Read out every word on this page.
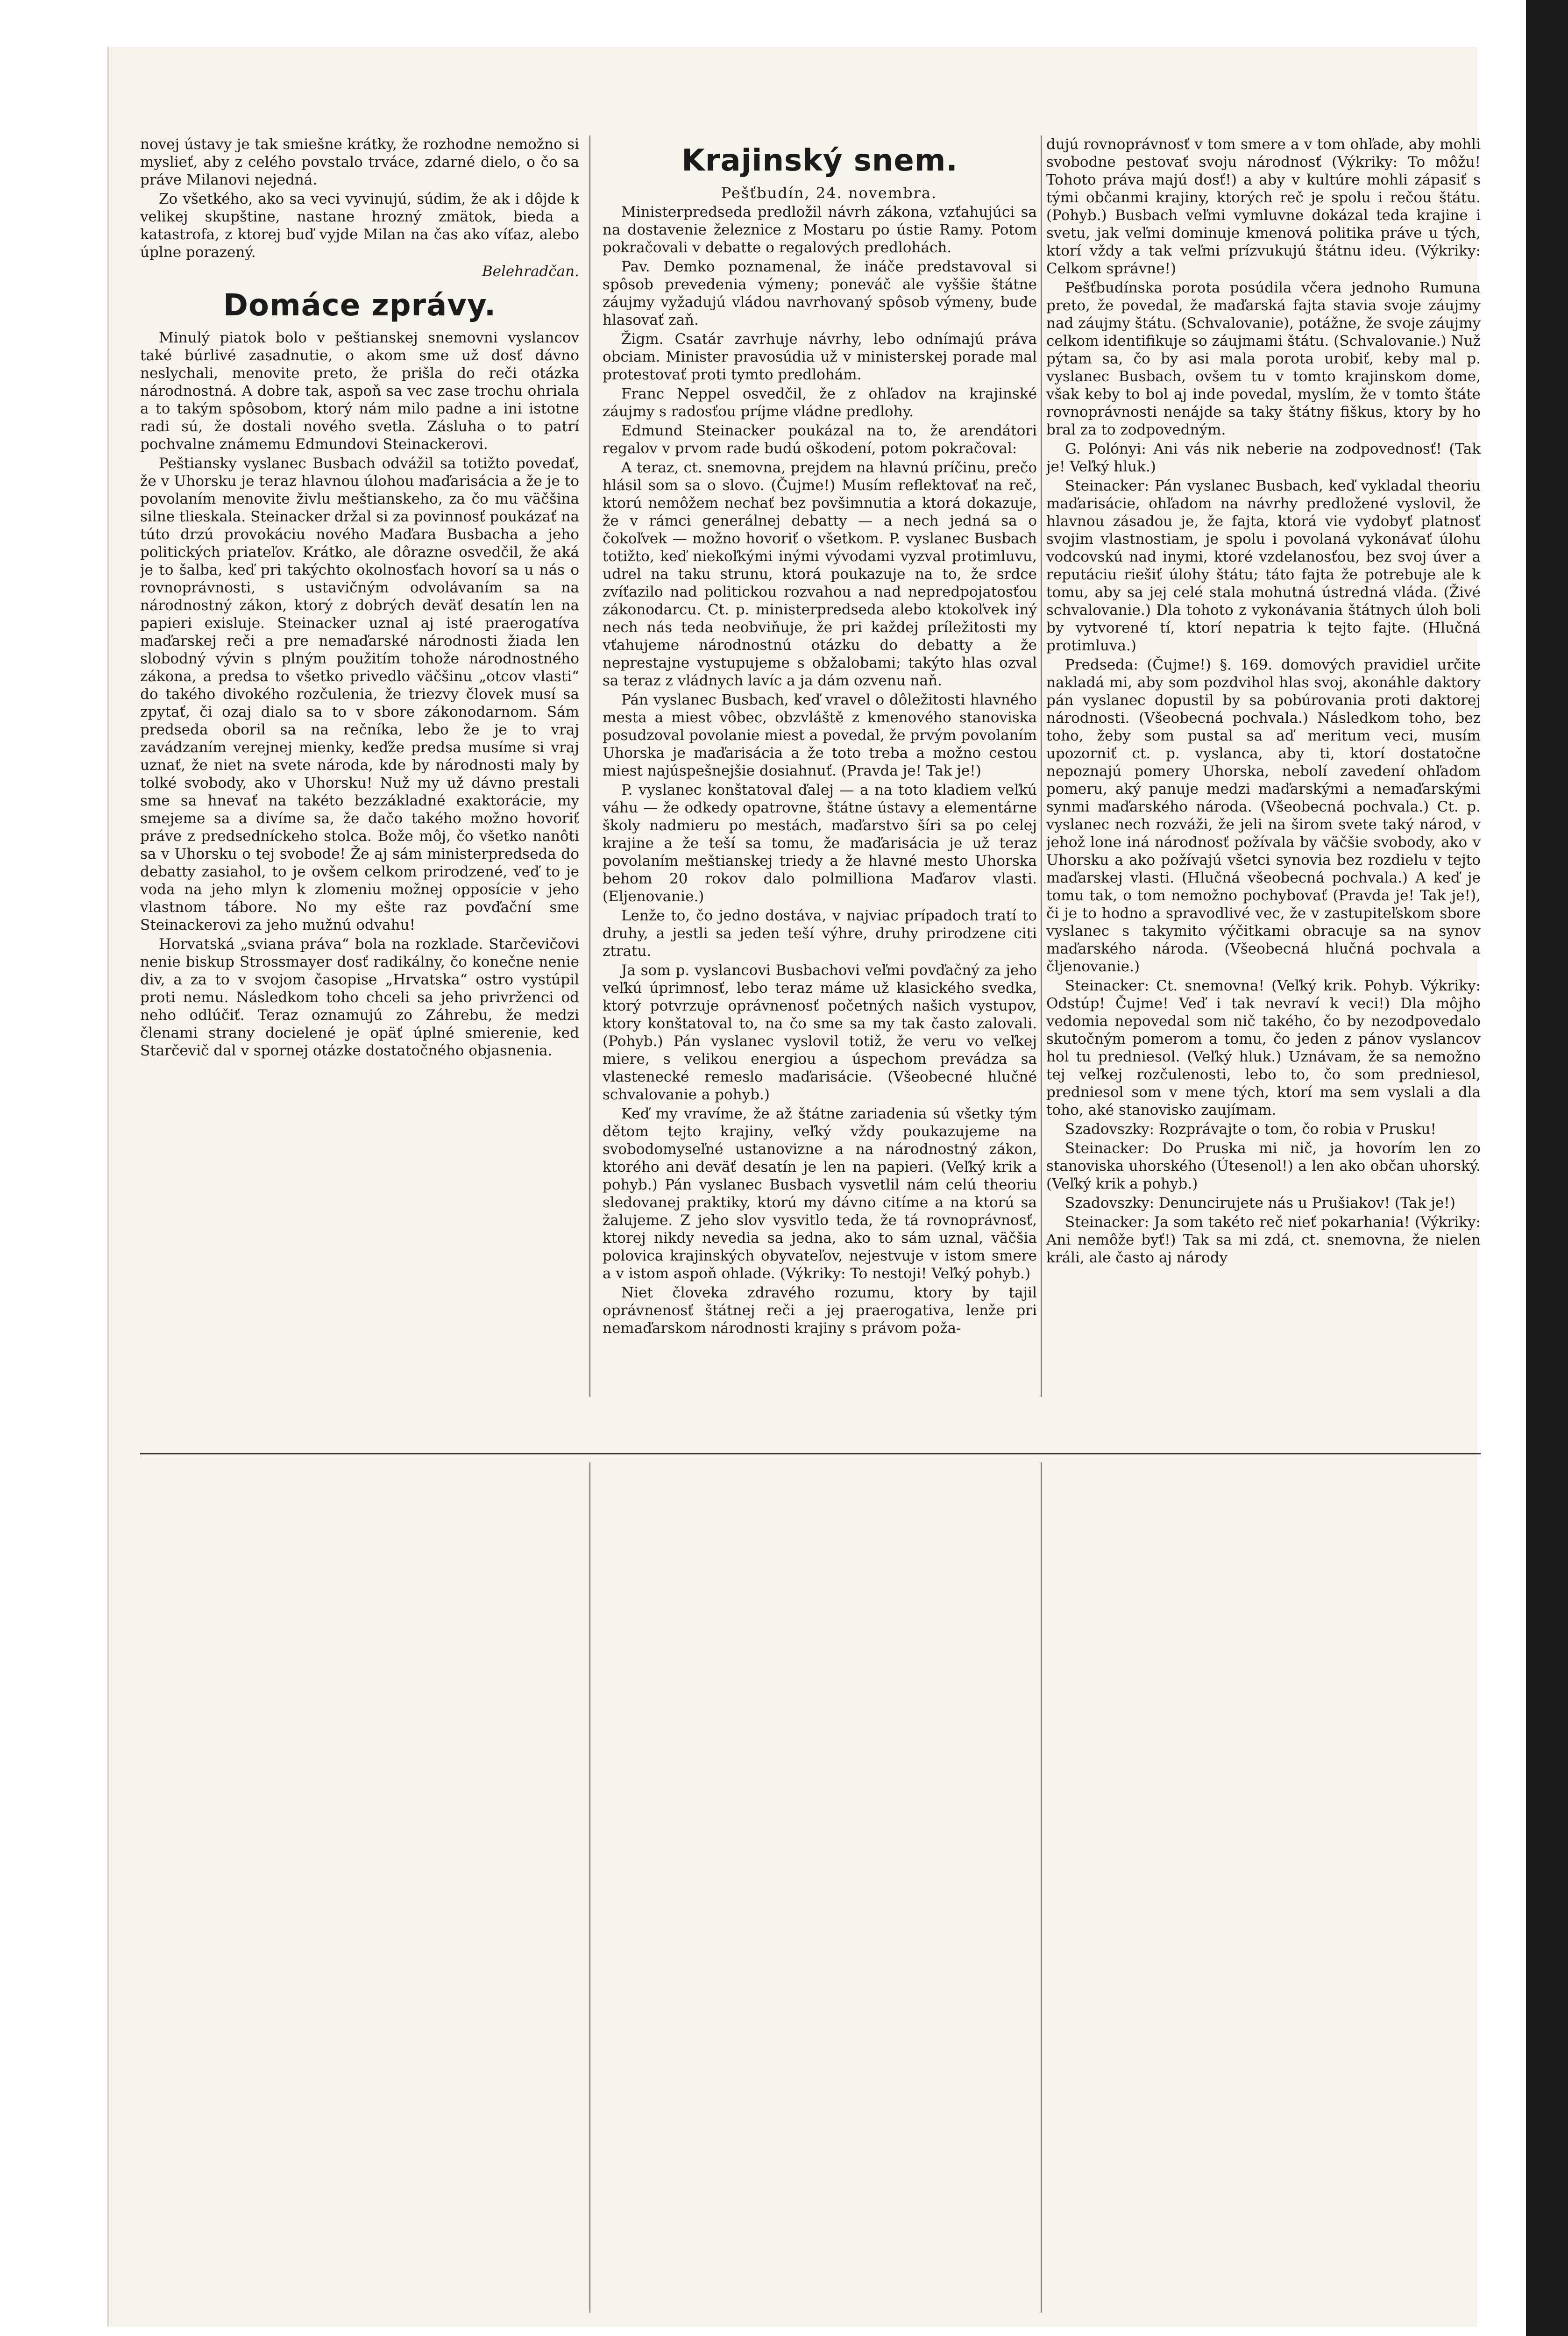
novej ústavy je tak smiešne krátky, že rozhodne nemožno si myslieť, aby z celého povstalo trváce, zdarné dielo, o čo sa práve Milanovi nejedná.

Zo všetkého, ako sa veci vyvinujú, súdim, že ak i dôjde k velikej skupštine, nastane hrozný zmätok, bieda a katastrofa, z ktorej buď vyjde Milan na čas ako víťaz, alebo úplne porazený.

Belehradčan.

Domáce zprávy.

Minulý piatok bolo v peštianskej snemovni vyslancov také búrlivé zasadnutie, o akom sme už dosť dávno neslychali, menovite preto, že prišla do reči otázka národnostná. A dobre tak, aspoň sa vec zase trochu ohriala a to takým spôsobom, ktorý nám milo padne a ini istotne radi sú, že dostali nového svetla. Zásluha o to patrí pochvalne známemu Edmundovi Steinackerovi.

Peštiansky vyslanec Busbach odvážil sa totižto povedať, že v Uhorsku je teraz hlavnou úlohou maďarisácia a že je to povolaním menovite živlu meštianskeho, za čo mu väčšina silne tlieskala. Steinacker držal si za povinnosť poukázať na túto drzú provokáciu nového Maďara Busbacha a jeho politických priateľov. Krátko, ale dôrazne osvedčil, že aká je to šalba, keď pri takýchto okolnosťach hovorí sa u nás o rovnoprávnosti, s ustavičným odvolávaním sa na národnostný zákon, ktorý z dobrých deväť desatín len na papieri exisluje. Steinacker uznal aj isté praerogatíva maďarskej reči a pre nemaďarské národnosti žiada len slobodný vývin s plným použitím tohože národnostného zákona, a predsa to všetko privedlo väčšinu „otcov vlasti“ do takého divokého rozčulenia, že triezvy človek musí sa zpytať, či ozaj dialo sa to v sbore zákonodarnom. Sám predseda oboril sa na rečníka, lebo že je to vraj zavádzaním verejnej mienky, keďže predsa musíme si vraj uznať, že niet na svete národa, kde by národnosti maly by tolké svobody, ako v Uhorsku! Nuž my už dávno prestali sme sa hnevať na takéto bezzákladné exaktorácie, my smejeme sa a divíme sa, že dačo takého možno hovoriť práve z predsedníckeho stolca. Bože môj, čo všetko nanôti sa v Uhorsku o tej svobode! Že aj sám ministerpredseda do debatty zasiahol, to je ovšem celkom prirodzené, veď to je voda na jeho mlyn k zlomeniu možnej opposície v jeho vlastnom tábore. No my ešte raz povďační sme Steinackerovi za jeho mužnú odvahu!

Horvatská „sviana práva“ bola na rozklade. Starčevičovi nenie biskup Strossmayer dosť radikálny, čo konečne nenie div, a za to v svojom časopise „Hrvatska“ ostro vystúpil proti nemu. Následkom toho chceli sa jeho privrženci od neho odlúčiť. Teraz oznamujú zo Záhrebu, že medzi členami strany docielené je opäť úplné smierenie, keď Starčevič dal v spornej otázke dostatočného objasnenia.

Krajinský snem.

Pešťbudín, 24. novembra.

Ministerpredseda predložil návrh zákona, vzťahujúci sa na dostavenie železnice z Mostaru po ústie Ramy. Potom pokračovali v debatte o regalových predlohách.

Pav. Demko poznamenal, že ináče predstavoval si spôsob prevedenia výmeny; poneváč ale vyššie štátne záujmy vyžadujú vládou navrhovaný spôsob výmeny, bude hlasovať zaň.

Žigm. Csatár zavrhuje návrhy, lebo odnímajú práva obciam. Minister pravosúdia už v ministerskej porade mal protestovať proti tymto predlohám.

Franc Neppel osvedčil, že z ohľadov na krajinské záujmy s radosťou príjme vládne predlohy.

Edmund Steinacker poukázal na to, že arendátori regalov v prvom rade budú oškodení, potom pokračoval:

A teraz, ct. snemovna, prejdem na hlavnú príčinu, prečo hlásil som sa o slovo. (Čujme!) Musím reflektovať na reč, ktorú nemôžem nechať bez povšimnutia a ktorá dokazuje, že v rámci generálnej debatty — a nech jedná sa o čokoľvek — možno hovoriť o všetkom. P. vyslanec Busbach totižto, keď niekoľkými inými vývodami vyzval protimluvu, udrel na taku strunu, ktorá poukazuje na to, že srdce zvíťazilo nad politickou rozvahou a nad nepredpojatosťou zákonodarcu. Ct. p. ministerpredseda alebo ktokoľvek iný nech nás teda neobviňuje, že pri každej príležitosti my vťahujeme národnostnú otázku do debatty a že neprestajne vystupujeme s obžalobami; takýto hlas ozval sa teraz z vládnych lavíc a ja dám ozvenu naň.

Pán vyslanec Busbach, keď vravel o dôležitosti hlavného mesta a miest vôbec, obzvláště z kmenového stanoviska posudzoval povolanie miest a povedal, že prvým povolaním Uhorska je maďarisácia a že toto treba a možno cestou miest najúspešnejšie dosiahnuť. (Pravda je! Tak je!)

P. vyslanec konštatoval ďalej — a na toto kladiem veľkú váhu — že odkedy opatrovne, štátne ústavy a elementárne školy nadmieru po mestách, maďarstvo šíri sa po celej krajine a že teší sa tomu, že maďarisácia je už teraz povolaním meštianskej triedy a že hlavné mesto Uhorska behom 20 rokov dalo polmilliona Maďarov vlasti. (Eljenovanie.)

Lenže to, čo jedno dostáva, v najviac prípadoch tratí to druhy, a jestli sa jeden teší výhre, druhy prirodzene citi ztratu.

Ja som p. vyslancovi Busbachovi veľmi povďačný za jeho veľkú úprimnosť, lebo teraz máme už klasického svedka, ktorý potvrzuje oprávnenosť početných našich vystupov, ktory konštatoval to, na čo sme sa my tak často zalovali. (Pohyb.) Pán vyslanec vyslovil totiž, že veru vo veľkej miere, s velikou energiou a úspechom prevádza sa vlastenecké remeslo maďarisácie. (Všeobecné hlučné schvalovanie a pohyb.)

Keď my vravíme, že až štátne zariadenia sú všetky tým dětom tejto krajiny, veľký vždy poukazujeme na svobodomyseľné ustanovizne a na národnostný zákon, ktorého ani deväť desatín je len na papieri. (Veľký krik a pohyb.) Pán vyslanec Busbach vysvetlil nám celú theoriu sledovanej praktiky, ktorú my dávno citíme a na ktorú sa žalujeme. Z jeho slov vysvitlo teda, že tá rovnoprávnosť, ktorej nikdy nevedia sa jedna, ako to sám uznal, väčšia polovica krajinských obyvateľov, nejestvuje v istom smere a v istom aspoň ohlade. (Výkriky: To nestoji! Veľký pohyb.)

Niet človeka zdravého rozumu, ktory by tajil oprávnenosť štátnej reči a jej praerogativa, lenže pri nemaďarskom národnosti krajiny s právom poža-

dujú rovnoprávnosť v tom smere a v tom ohľade, aby mohli svobodne pestovať svoju národnosť (Výkriky: To môžu! Tohoto práva majú dosť!) a aby v kultúre mohli zápasiť s tými občanmi krajiny, ktorých reč je spolu i rečou štátu. (Pohyb.) Busbach veľmi vymluvne dokázal teda krajine i svetu, jak veľmi dominuje kmenová politika práve u tých, ktorí vždy a tak veľmi prízvukujú štátnu ideu. (Výkriky: Celkom správne!)

Pešťbudínska porota posúdila včera jednoho Rumuna preto, že povedal, že maďarská fajta stavia svoje záujmy nad záujmy štátu. (Schvalovanie), potážne, že svoje záujmy celkom identifikuje so záujmami štátu. (Schvalovanie.) Nuž pýtam sa, čo by asi mala porota urobiť, keby mal p. vyslanec Busbach, ovšem tu v tomto krajinskom dome, však keby to bol aj inde povedal, myslím, že v tomto štáte rovnoprávnosti nenájde sa taky štátny fiškus, ktory by ho bral za to zodpovedným.

G. Polónyi: Ani vás nik neberie na zodpovednosť! (Tak je! Veľký hluk.)

Steinacker: Pán vyslanec Busbach, keď vykladal theoriu maďarisácie, ohľadom na návrhy predložené vyslovil, že hlavnou zásadou je, že fajta, ktorá vie vydobyť platnosť svojim vlastnostiam, je spolu i povolaná vykonávať úlohu vodcovskú nad inymi, ktoré vzdelanosťou, bez svoj úver a reputáciu riešiť úlohy štátu; táto fajta že potrebuje ale k tomu, aby sa jej celé stala mohutná ústredná vláda. (Živé schvalovanie.) Dla tohoto z vykonávania štátnych úloh boli by vytvorené tí, ktorí nepatria k tejto fajte. (Hlučná protimluva.)

Predseda: (Čujme!) §. 169. domových pravidiel určite nakladá mi, aby som pozdvihol hlas svoj, akonáhle daktory pán vyslanec dopustil by sa pobúrovania proti daktorej národnosti. (Všeobecná pochvala.) Následkom toho, bez toho, žeby som pustal sa aď meritum veci, musím upozorniť ct. p. vyslanca, aby ti, ktorí dostatočne nepoznajú pomery Uhorska, nebolí zavedení ohľadom pomeru, aký panuje medzi maďarskými a nemaďarskými synmi maďarského národa. (Všeobecná pochvala.) Ct. p. vyslanec nech rozváži, že jeli na širom svete taký národ, v jehož lone iná národnosť požívala by väčšie svobody, ako v Uhorsku a ako požívajú všetci synovia bez rozdielu v tejto maďarskej vlasti. (Hlučná všeobecná pochvala.) A keď je tomu tak, o tom nemožno pochybovať (Pravda je! Tak je!), či je to hodno a spravodlivé vec, že v zastupiteľskom sbore vyslanec s takymito výčitkami obracuje sa na synov maďarského národa. (Všeobecná hlučná pochvala a čljenovanie.)

Steinacker: Ct. snemovna! (Veľký krik. Pohyb. Výkriky: Odstúp! Čujme! Veď i tak nevraví k veci!) Dla môjho vedomia nepovedal som nič takého, čo by nezodpovedalo skutočným pomerom a tomu, čo jeden z pánov vyslancov hol tu predniesol. (Veľký hluk.) Uznávam, že sa nemožno tej veľkej rozčulenosti, lebo to, čo som predniesol, predniesol som v mene tých, ktorí ma sem vyslali a dla toho, aké stanovisko zaujímam.

Szadovszky: Rozprávajte o tom, čo robia v Prusku!

Steinacker: Do Pruska mi nič, ja hovorím len zo stanoviska uhorského (Útesenol!) a len ako občan uhorský. (Veľký krik a pohyb.)

Szadovszky: Denuncirujete nás u Prušiakov! (Tak je!)

Steinacker: Ja som takéto reč nieť pokarhania! (Výkriky: Ani nemôže byť!) Tak sa mi zdá, ct. snemovna, že nielen králi, ale často aj národy
